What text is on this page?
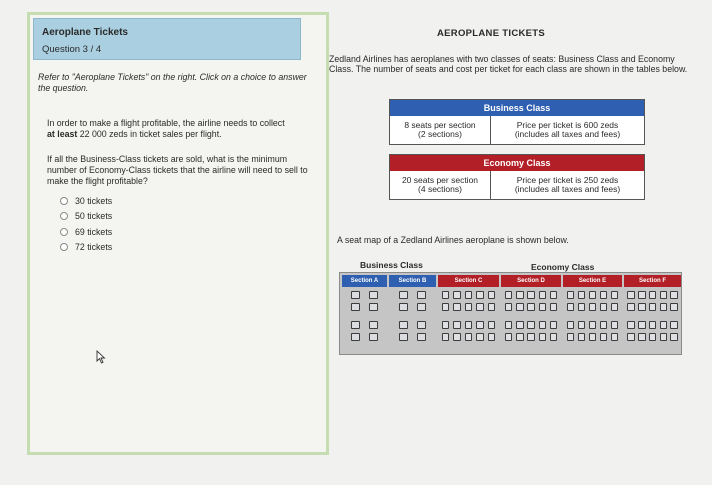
Aeroplane Tickets
Question 3 / 4
Refer to "Aeroplane Tickets" on the right. Click on a choice to answer the question.
In order to make a flight profitable, the airline needs to collect
at least 22 000 zeds in ticket sales per flight.
If all the Business-Class tickets are sold, what is the minimum number of Economy-Class tickets that the airline will need to sell to make the flight profitable?
30 tickets
50 tickets
69 tickets
72 tickets
AEROPLANE TICKETS
Zedland Airlines has aeroplanes with two classes of seats: Business Class and Economy Class. The number of seats and cost per ticket for each class are shown in the tables below.
Business Class
8 seats per section
(2 sections)
Price per ticket is 600 zeds
(includes all taxes and fees)
Economy Class
20 seats per section
(4 sections)
Price per ticket is 250 zeds
(includes all taxes and fees)
A seat map of a Zedland Airlines aeroplane is shown below.
Business Class	Economy Class
Section A	Section B	Section C	Section D	Section E	Section F
